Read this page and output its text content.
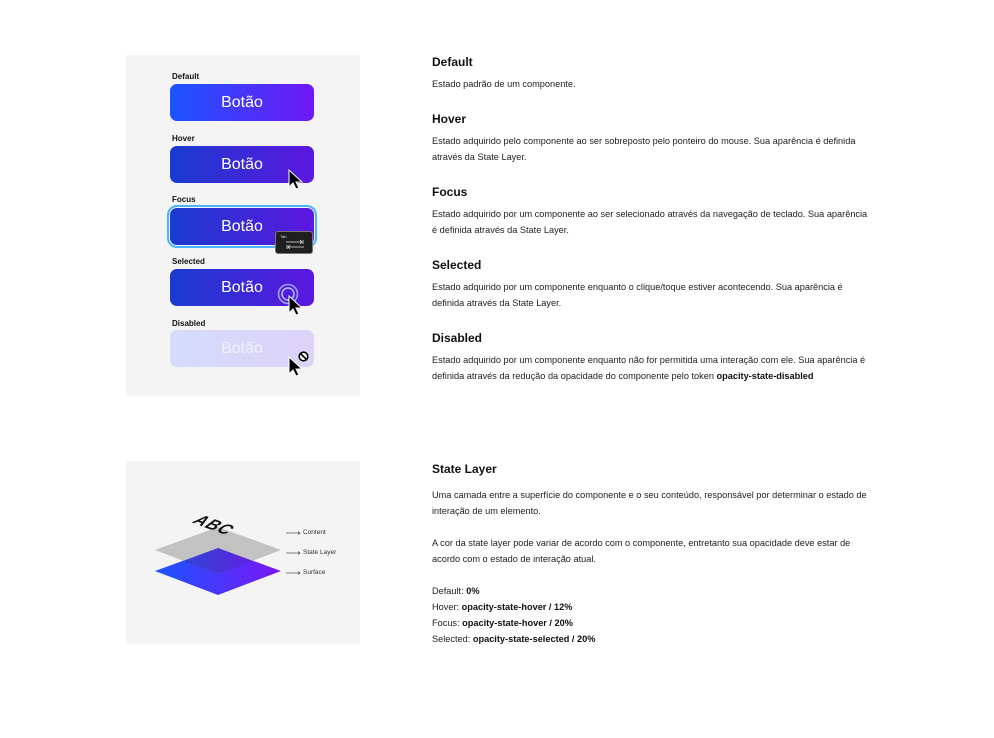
Default
Botão
Hover
Botão
Focus
Botão
Tab
Selected
Botão
Disabled
Botão
Default
Estado padrão de um componente.
Hover
Estado adquirido pelo componente ao ser sobreposto pelo ponteiro do mouse. Sua aparência é definida através da State Layer.
Focus
Estado adquirido por um componente ao ser selecionado através da navegação de teclado. Sua aparência é definida através da State Layer.
Selected
Estado adquirido por um componente enquanto o clique/toque estiver acontecendo. Sua aparência é definida através da State Layer.
Disabled
Estado adquirido por um componente enquanto não for permitida uma interação com ele. Sua aparência é definida através da redução da opacidade do componente pelo token opacity-state-disabled
ABC	Content
State Layer
Surface
State Layer
Uma camada entre a superfície do componente e o seu conteúdo, responsável por determinar o estado de interação de um elemento.
A cor da state layer pode variar de acordo com o componente, entretanto sua opacidade deve estar de acordo com o estado de interação atual.
Default: 0%
Hover: opacity-state-hover / 12%
Focus: opacity-state-hover / 20%
Selected: opacity-state-selected / 20%
